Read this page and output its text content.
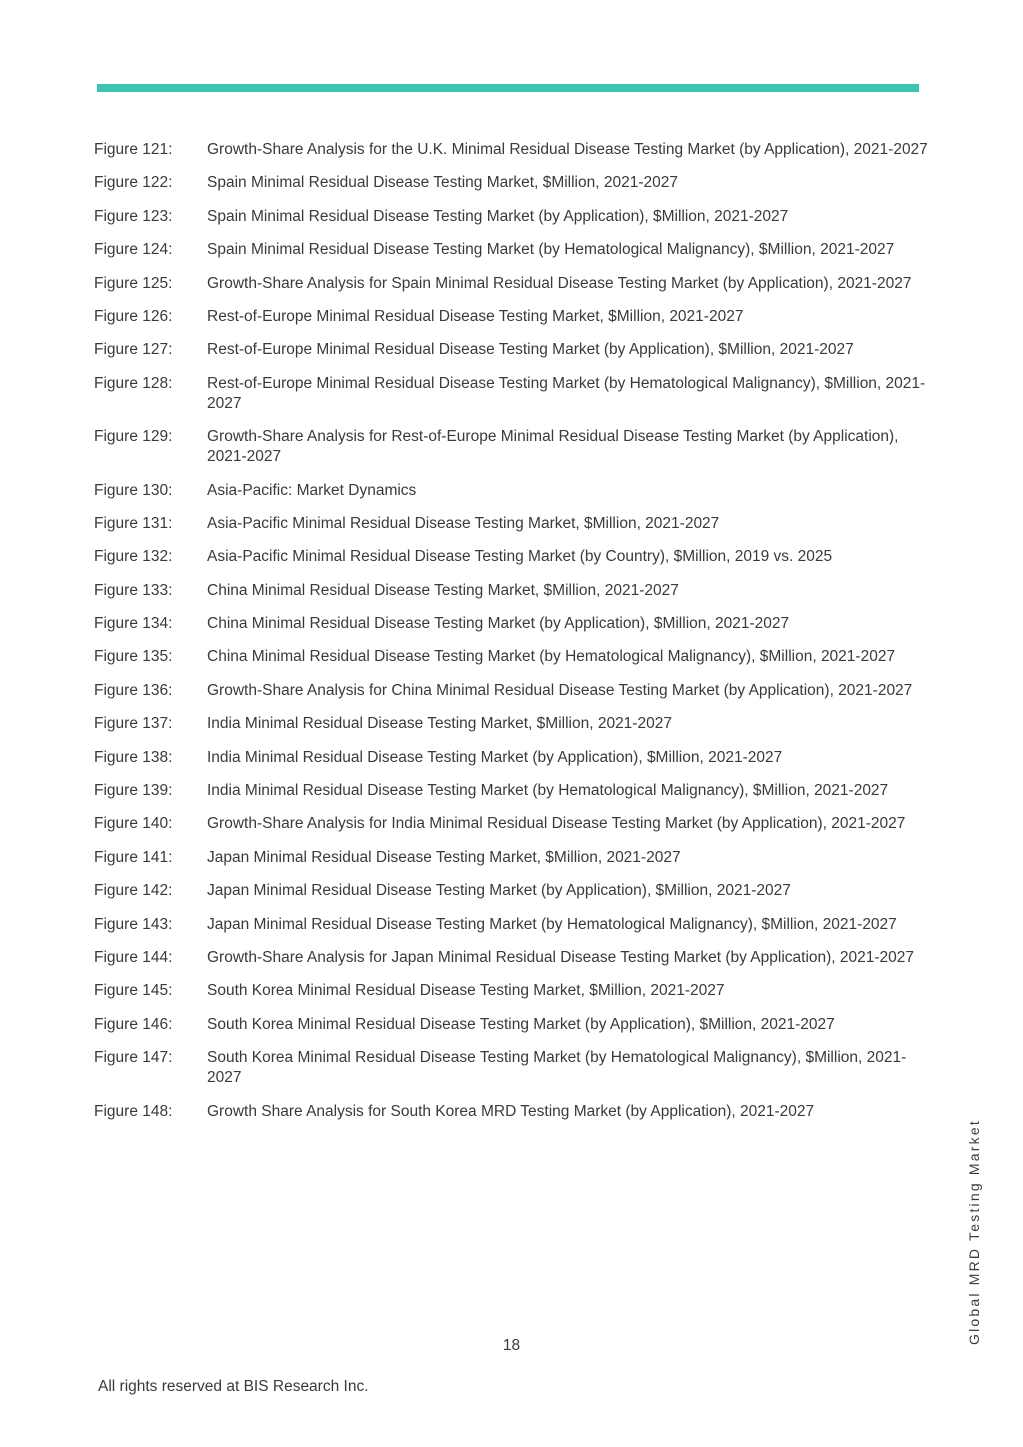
Figure 121:	Growth-Share Analysis for the U.K. Minimal Residual Disease Testing Market (by Application), 2021-2027
Figure 122:	Spain Minimal Residual Disease Testing Market, $Million, 2021-2027
Figure 123:	Spain Minimal Residual Disease Testing Market (by Application), $Million, 2021-2027
Figure 124:	Spain Minimal Residual Disease Testing Market (by Hematological Malignancy), $Million, 2021-2027
Figure 125:	Growth-Share Analysis for Spain Minimal Residual Disease Testing Market (by Application), 2021-2027
Figure 126:	Rest-of-Europe Minimal Residual Disease Testing Market, $Million, 2021-2027
Figure 127:	Rest-of-Europe Minimal Residual Disease Testing Market (by Application), $Million, 2021-2027
Figure 128:	Rest-of-Europe Minimal Residual Disease Testing Market (by Hematological Malignancy), $Million, 2021-2027
Figure 129:	Growth-Share Analysis for Rest-of-Europe Minimal Residual Disease Testing Market (by Application), 2021-2027
Figure 130:	Asia-Pacific: Market Dynamics
Figure 131:	Asia-Pacific Minimal Residual Disease Testing Market, $Million, 2021-2027
Figure 132:	Asia-Pacific Minimal Residual Disease Testing Market (by Country), $Million, 2019 vs. 2025
Figure 133:	China Minimal Residual Disease Testing Market, $Million, 2021-2027
Figure 134:	China Minimal Residual Disease Testing Market (by Application), $Million, 2021-2027
Figure 135:	China Minimal Residual Disease Testing Market (by Hematological Malignancy), $Million, 2021-2027
Figure 136:	Growth-Share Analysis for China Minimal Residual Disease Testing Market (by Application), 2021-2027
Figure 137:	India Minimal Residual Disease Testing Market, $Million, 2021-2027
Figure 138:	India Minimal Residual Disease Testing Market (by Application), $Million, 2021-2027
Figure 139:	India Minimal Residual Disease Testing Market (by Hematological Malignancy), $Million, 2021-2027
Figure 140:	Growth-Share Analysis for India Minimal Residual Disease Testing Market (by Application), 2021-2027
Figure 141:	Japan Minimal Residual Disease Testing Market, $Million, 2021-2027
Figure 142:	Japan Minimal Residual Disease Testing Market (by Application), $Million, 2021-2027
Figure 143:	Japan Minimal Residual Disease Testing Market (by Hematological Malignancy), $Million, 2021-2027
Figure 144:	Growth-Share Analysis for Japan Minimal Residual Disease Testing Market (by Application), 2021-2027
Figure 145:	South Korea Minimal Residual Disease Testing Market, $Million, 2021-2027
Figure 146:	South Korea Minimal Residual Disease Testing Market (by Application), $Million, 2021-2027
Figure 147:	South Korea Minimal Residual Disease Testing Market (by Hematological Malignancy), $Million, 2021-2027
Figure 148:	Growth Share Analysis for South Korea MRD Testing Market (by Application), 2021-2027
18
All rights reserved at BIS Research Inc.
Global MRD Testing Market
